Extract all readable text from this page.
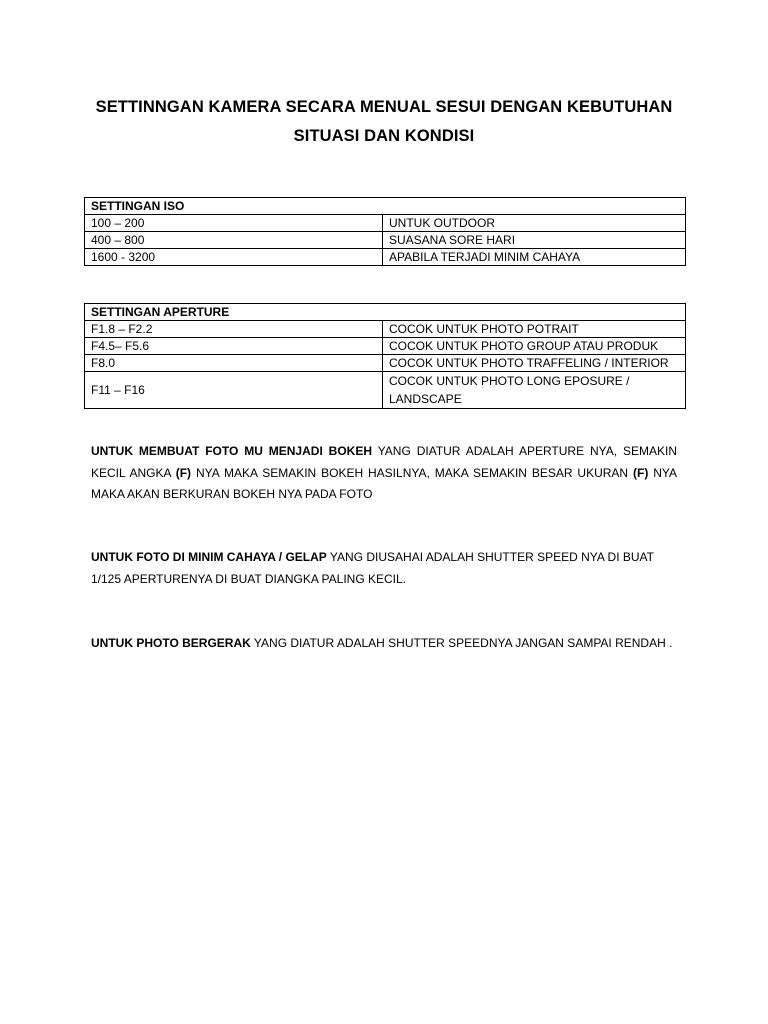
SETTINNGAN KAMERA SECARA MENUAL SESUI DENGAN KEBUTUHAN
SITUASI DAN KONDISI
SETTINGAN ISO	
100 – 200	UNTUK OUTDOOR
400 – 800	SUASANA SORE HARI
1600 - 3200	APABILA TERJADI MINIM CAHAYA
SETTINGAN APERTURE	
F1.8 – F2.2	COCOK UNTUK PHOTO POTRAIT
F4.5– F5.6	COCOK UNTUK PHOTO GROUP ATAU PRODUK
F8.0	COCOK UNTUK PHOTO TRAFFELING / INTERIOR
F11 – F16	COCOK UNTUK PHOTO LONG EPOSURE / LANDSCAPE
UNTUK MEMBUAT FOTO MU MENJADI BOKEH YANG DIATUR ADALAH APERTURE NYA, SEMAKIN KECIL ANGKA (F) NYA MAKA SEMAKIN BOKEH HASILNYA, MAKA SEMAKIN BESAR UKURAN (F) NYA MAKA AKAN BERKURAN BOKEH NYA PADA FOTO
UNTUK FOTO DI MINIM CAHAYA / GELAP YANG DIUSAHAI ADALAH SHUTTER SPEED NYA DI BUAT 1/125 APERTURENYA DI BUAT DIANGKA PALING KECIL.
UNTUK PHOTO BERGERAK YANG DIATUR ADALAH SHUTTER SPEEDNYA JANGAN SAMPAI RENDAH .
